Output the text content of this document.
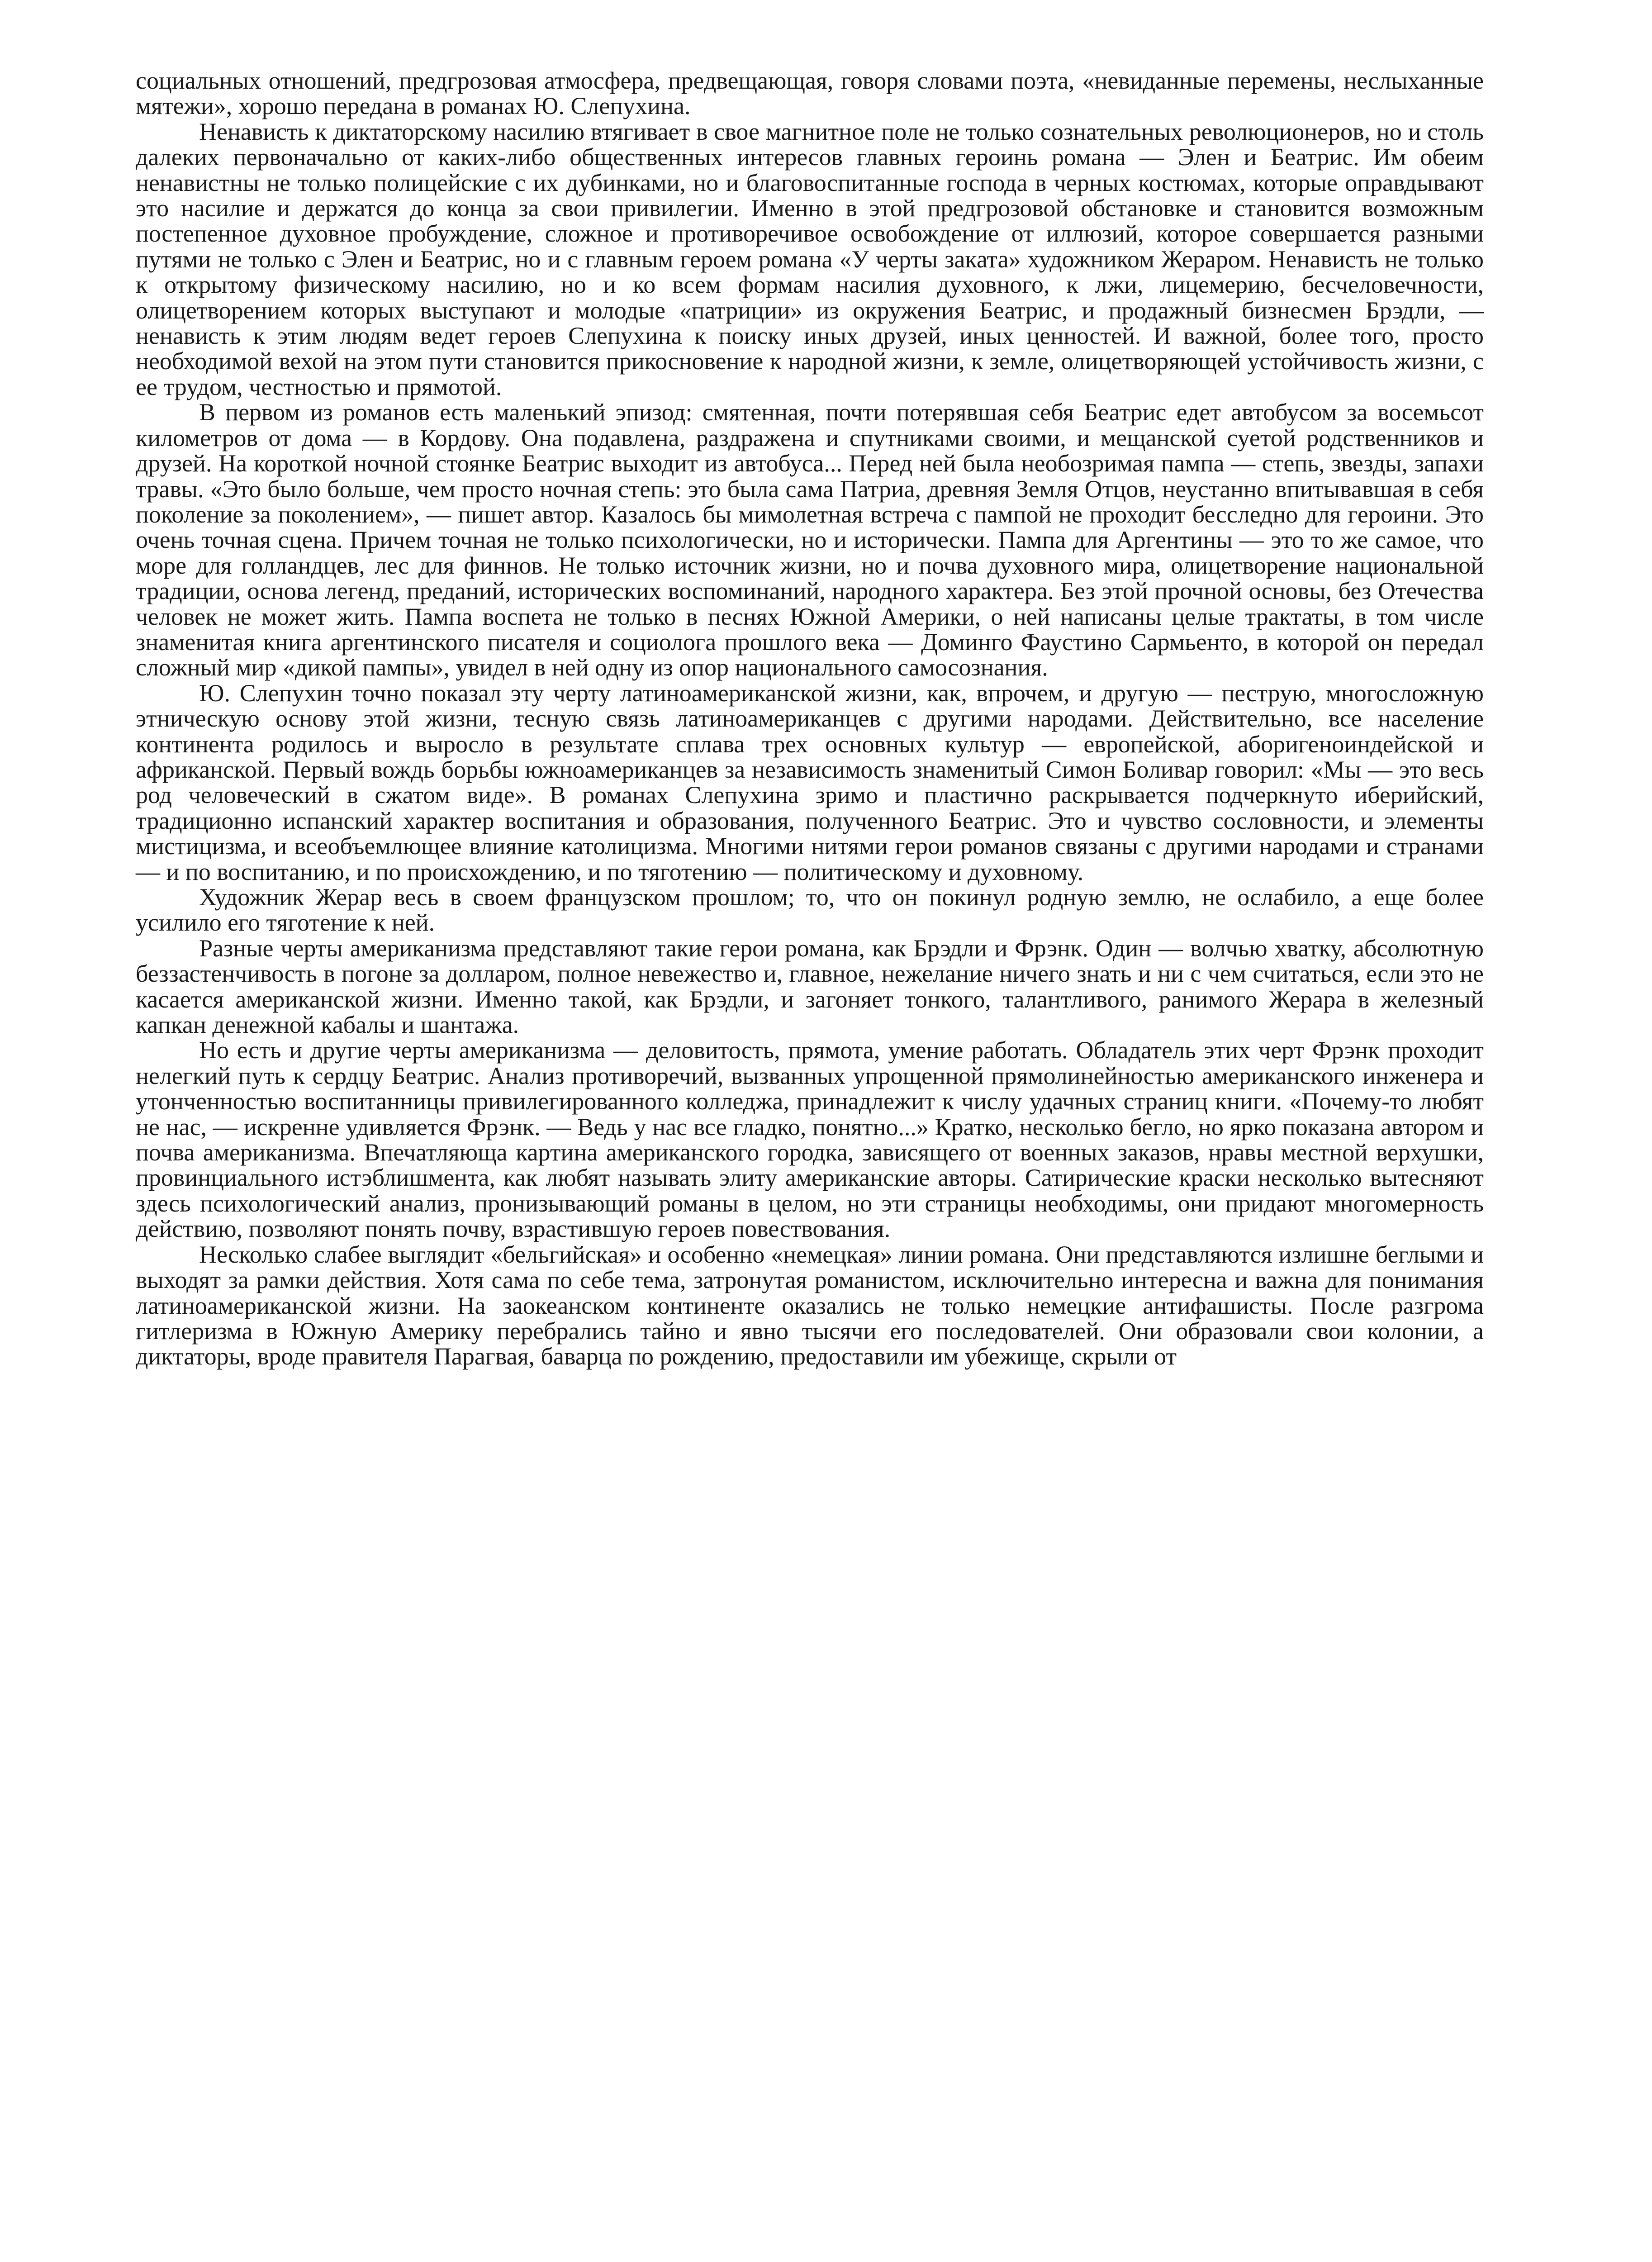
социальных отношений, предгрозовая атмосфера, предвещающая, говоря словами поэта, «невиданные перемены, неслыханные мятежи», хорошо передана в романах Ю. Слепухина.

Ненависть к диктаторскому насилию втягивает в свое магнитное поле не только сознательных революционеров, но и столь далеких первоначально от каких-либо общественных интересов главных героинь романа — Элен и Беатрис. Им обеим ненавистны не только полицейские с их дубинками, но и благовоспитанные господа в черных костюмах, которые оправдывают это насилие и держатся до конца за свои привилегии. Именно в этой предгрозовой обстановке и становится возможным постепенное духовное пробуждение, сложное и противоречивое освобождение от иллюзий, которое совершается разными путями не только с Элен и Беатрис, но и с главным героем романа «У черты заката» художником Жераром. Ненависть не только к открытому физическому насилию, но и ко всем формам насилия духовного, к лжи, лицемерию, бесчеловечности, олицетворением которых выступают и молодые «патриции» из окружения Беатрис, и продажный бизнесмен Брэдли, — ненависть к этим людям ведет героев Слепухина к поиску иных друзей, иных ценностей. И важной, более того, просто необходимой вехой на этом пути становится прикосновение к народной жизни, к земле, олицетворяющей устойчивость жизни, с ее трудом, честностью и прямотой.

В первом из романов есть маленький эпизод: смятенная, почти потерявшая себя Беатрис едет автобусом за восемьсот километров от дома — в Кордову. Она подавлена, раздражена и спутниками своими, и мещанской суетой родственников и друзей. На короткой ночной стоянке Беатрис выходит из автобуса... Перед ней была необозримая пампа — степь, звезды, запахи травы. «Это было больше, чем просто ночная степь: это была сама Патриа, древняя Земля Отцов, неустанно впитывавшая в себя поколение за поколением», — пишет автор. Казалось бы мимолетная встреча с пампой не проходит бесследно для героини. Это очень точная сцена. Причем точная не только психологически, но и исторически. Пампа для Аргентины — это то же самое, что море для голландцев, лес для финнов. Не только источник жизни, но и почва духовного мира, олицетворение национальной традиции, основа легенд, преданий, исторических воспоминаний, народного характера. Без этой прочной основы, без Отечества человек не может жить. Пампа воспета не только в песнях Южной Америки, о ней написаны целые трактаты, в том числе знаменитая книга аргентинского писателя и социолога прошлого века — Доминго Фаустино Сармьенто, в которой он передал сложный мир «дикой пампы», увидел в ней одну из опор национального самосознания.

Ю. Слепухин точно показал эту черту латиноамериканской жизни, как, впрочем, и другую — пеструю, многосложную этническую основу этой жизни, тесную связь латиноамериканцев с другими народами. Действительно, все население континента родилось и выросло в результате сплава трех основных культур — европейской, аборигеноиндейской и африканской. Первый вождь борьбы южноамериканцев за независимость знаменитый Симон Боливар говорил: «Мы — это весь род человеческий в сжатом виде». В романах Слепухина зримо и пластично раскрывается подчеркнуто иберийский, традиционно испанский характер воспитания и образования, полученного Беатрис. Это и чувство сословности, и элементы мистицизма, и всеобъемлющее влияние католицизма. Многими нитями герои романов связаны с другими народами и странами — и по воспитанию, и по происхождению, и по тяготению — политическому и духовному.

Художник Жерар весь в своем французском прошлом; то, что он покинул родную землю, не ослабило, а еще более усилило его тяготение к ней.

Разные черты американизма представляют такие герои романа, как Брэдли и Фрэнк. Один — волчью хватку, абсолютную беззастенчивость в погоне за долларом, полное невежество и, главное, нежелание ничего знать и ни с чем считаться, если это не касается американской жизни. Именно такой, как Брэдли, и загоняет тонкого, талантливого, ранимого Жерара в железный капкан денежной кабалы и шантажа.

Но есть и другие черты американизма — деловитость, прямота, умение работать. Обладатель этих черт Фрэнк проходит нелегкий путь к сердцу Беатрис. Анализ противоречий, вызванных упрощенной прямолинейностью американского инженера и утонченностью воспитанницы привилегированного колледжа, принадлежит к числу удачных страниц книги. «Почему-то любят не нас, — искренне удивляется Фрэнк. — Ведь у нас все гладко, понятно...» Кратко, несколько бегло, но ярко показана автором и почва американизма. Впечатляюща картина американского городка, зависящего от военных заказов, нравы местной верхушки, провинциального истэблишмента, как любят называть элиту американские авторы. Сатирические краски несколько вытесняют здесь психологический анализ, пронизывающий романы в целом, но эти страницы необходимы, они придают многомерность действию, позволяют понять почву, взрастившую героев повествования.

Несколько слабее выглядит «бельгийская» и особенно «немецкая» линии романа. Они представляются излишне беглыми и выходят за рамки действия. Хотя сама по себе тема, затронутая романистом, исключительно интересна и важна для понимания латиноамериканской жизни. На заокеанском континенте оказались не только немецкие антифашисты. После разгрома гитлеризма в Южную Америку перебрались тайно и явно тысячи его последователей. Они образовали свои колонии, а диктаторы, вроде правителя Парагвая, баварца по рождению, предоставили им убежище, скрыли от
